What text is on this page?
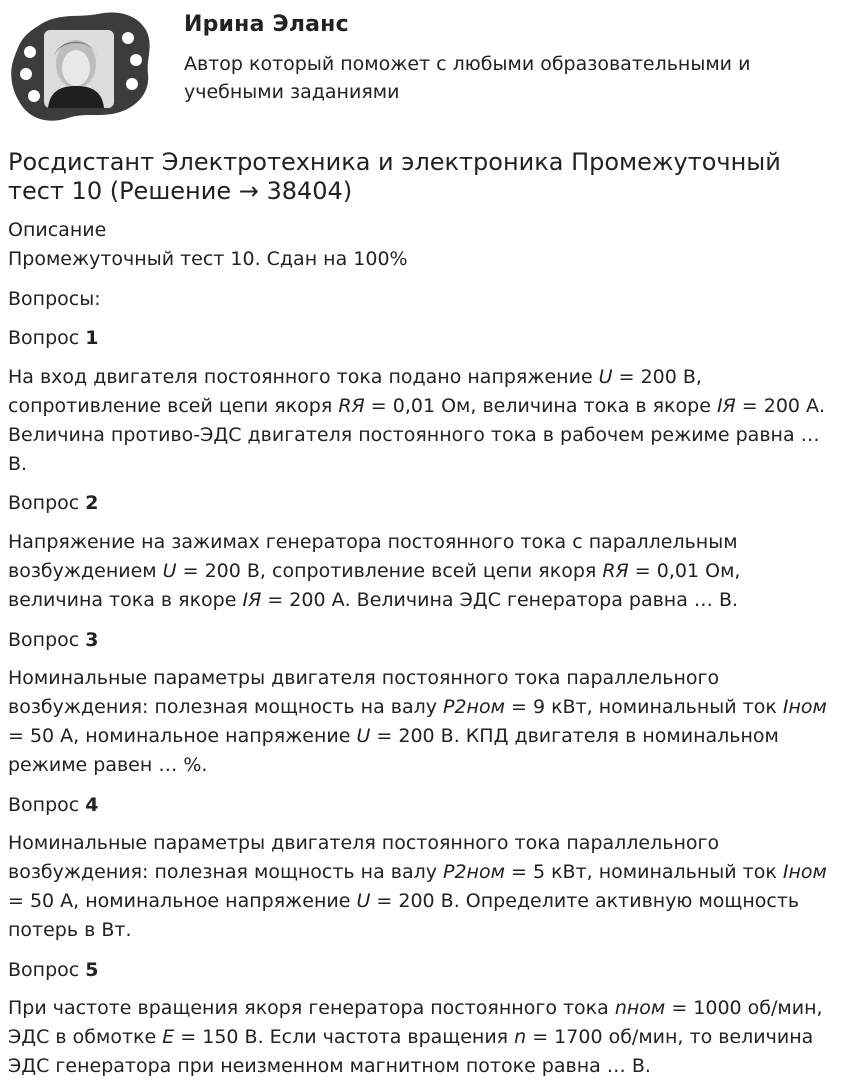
Ирина Эланс
Автор который поможет с любыми образовательными и учебными заданиями
Росдистант Электротехника и электроника Промежуточный тест 10 (Решение → 38404)

Описание

Промежуточный тест 10. Сдан на 100%

Вопросы:

Вопрос 1

На вход двигателя постоянного тока подано напряжение U = 200 В, сопротивление всей цепи якоря RЯ = 0,01 Ом, величина тока в якоре IЯ = 200 А. Величина противо-ЭДС двигателя постоянного тока в рабочем режиме равна … В.

Вопрос 2

Напряжение на зажимах генератора постоянного тока с параллельным возбуждением U = 200 В, сопротивление всей цепи якоря RЯ = 0,01 Ом, величина тока в якоре IЯ = 200 А. Величина ЭДС генератора равна … В.

Вопрос 3

Номинальные параметры двигателя постоянного тока параллельного возбуждения: полезная мощность на валу P2ном = 9 кВт, номинальный ток Iном = 50 А, номинальное напряжение U = 200 В. КПД двигателя в номинальном режиме равен … %.

Вопрос 4

Номинальные параметры двигателя постоянного тока параллельного возбуждения: полезная мощность на валу P2ном = 5 кВт, номинальный ток Iном = 50 А, номинальное напряжение U = 200 В. Определите активную мощность потерь в Вт.

Вопрос 5

При частоте вращения якоря генератора постоянного тока nном = 1000 об/мин, ЭДС в обмотке E = 150 В. Если частота вращения n = 1700 об/мин, то величина ЭДС генератора при неизменном магнитном потоке равна … В.
